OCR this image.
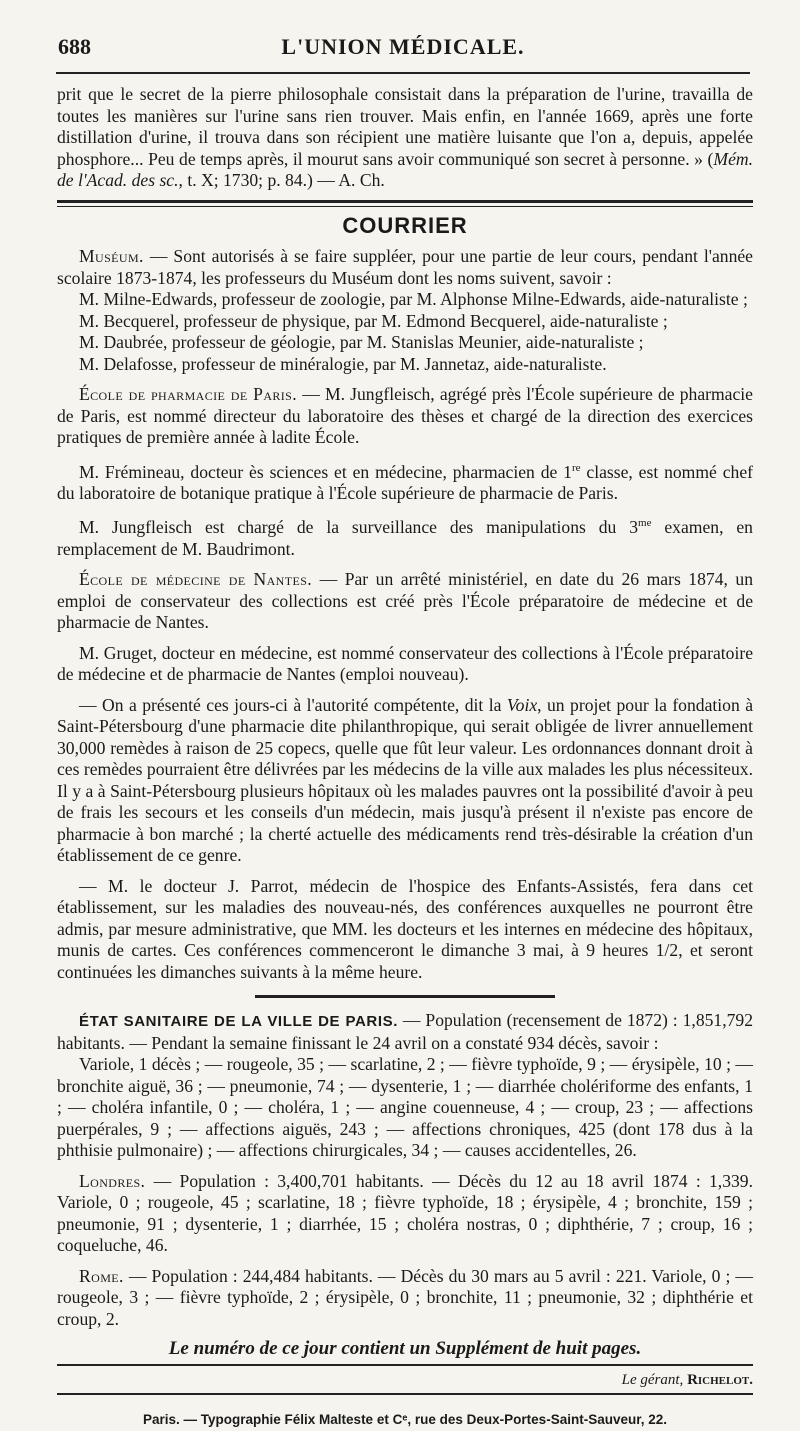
688	L'UNION MÉDICALE.

prit que le secret de la pierre philosophale consistait dans la préparation de l'urine, travailla de toutes les manières sur l'urine sans rien trouver. Mais enfin, en l'année 1669, après une forte distillation d'urine, il trouva dans son récipient une matière luisante que l'on a, depuis, appelée phosphore... Peu de temps après, il mourut sans avoir communiqué son secret à personne. » (Mém. de l'Acad. des sc., t. X; 1730; p. 84.) — A. Ch.

COURRIER

Muséum. — Sont autorisés à se faire suppléer, pour une partie de leur cours, pendant l'année scolaire 1873-1874, les professeurs du Muséum dont les noms suivent, savoir :

M. Milne-Edwards, professeur de zoologie, par M. Alphonse Milne-Edwards, aide-naturaliste ;

M. Becquerel, professeur de physique, par M. Edmond Becquerel, aide-naturaliste ;

M. Daubrée, professeur de géologie, par M. Stanislas Meunier, aide-naturaliste ;

M. Delafosse, professeur de minéralogie, par M. Jannetaz, aide-naturaliste.

École de pharmacie de Paris. — M. Jungfleisch, agrégé près l'École supérieure de pharmacie de Paris, est nommé directeur du laboratoire des thèses et chargé de la direction des exercices pratiques de première année à ladite École.

M. Frémineau, docteur ès sciences et en médecine, pharmacien de 1re classe, est nommé chef du laboratoire de botanique pratique à l'École supérieure de pharmacie de Paris.

M. Jungfleisch est chargé de la surveillance des manipulations du $3^{me}$ examen, en remplacement de M. Baudrimont.

École de médecine de Nantes. — Par un arrêté ministériel, en date du 26 mars 1874, un emploi de conservateur des collections est créé près l'École préparatoire de médecine et de pharmacie de Nantes.

M. Gruget, docteur en médecine, est nommé conservateur des collections à l'École préparatoire de médecine et de pharmacie de Nantes (emploi nouveau).

— On a présenté ces jours-ci à l'autorité compétente, dit la Voix, un projet pour la fondation à Saint-Pétersbourg d'une pharmacie dite philanthropique, qui serait obligée de livrer annuellement 30,000 remèdes à raison de 25 copecs, quelle que fût leur valeur. Les ordonnances donnant droit à ces remèdes pourraient être délivrées par les médecins de la ville aux malades les plus nécessiteux. Il y a à Saint-Pétersbourg plusieurs hôpitaux où les malades pauvres ont la possibilité d'avoir à peu de frais les secours et les conseils d'un médecin, mais jusqu'à présent il n'existe pas encore de pharmacie à bon marché ; la cherté actuelle des médicaments rend très-désirable la création d'un établissement de ce genre.

— M. le docteur J. Parrot, médecin de l'hospice des Enfants-Assistés, fera dans cet établissement, sur les maladies des nouveau-nés, des conférences auxquelles ne pourront être admis, par mesure administrative, que MM. les docteurs et les internes en médecine des hôpitaux, munis de cartes. Ces conférences commenceront le dimanche 3 mai, à 9 heures 1/2, et seront continuées les dimanches suivants à la même heure.

ÉTAT SANITAIRE DE LA VILLE DE PARIS. — Population (recensement de 1872) : 1,851,792 habitants. — Pendant la semaine finissant le 24 avril on a constaté 934 décès, savoir :

Variole, 1 décès ; — rougeole, 35 ; — scarlatine, 2 ; — fièvre typhoïde, 9 ; — érysipèle, 10 ; — bronchite aiguë, 36 ; — pneumonie, 74 ; — dysenterie, 1 ; — diarrhée cholériforme des enfants, 1 ; — choléra infantile, 0 ; — choléra, 1 ; — angine couenneuse, 4 ; — croup, 23 ; — affections puerpérales, 9 ; — affections aiguës, 243 ; — affections chroniques, 425 (dont 178 dus à la phthisie pulmonaire) ; — affections chirurgicales, 34 ; — causes accidentelles, 26.

Londres. — Population : 3,400,701 habitants. — Décès du 12 au 18 avril 1874 : 1,339. Variole, 0 ; rougeole, 45 ; scarlatine, 18 ; fièvre typhoïde, 18 ; érysipèle, 4 ; bronchite, 159 ; pneumonie, 91 ; dysenterie, 1 ; diarrhée, 15 ; choléra nostras, 0 ; diphthérie, 7 ; croup, 16 ; coqueluche, 46.

Rome. — Population : 244,484 habitants. — Décès du 30 mars au 5 avril : 221. Variole, 0 ; — rougeole, 3 ; — fièvre typhoïde, 2 ; érysipèle, 0 ; bronchite, 11 ; pneumonie, 32 ; diphthérie et croup, 2.

Le numéro de ce jour contient un Supplément de huit pages.
Le gérant, Richelot.
Paris. — Typographie Félix Malteste et Cᵉ, rue des Deux-Portes-Saint-Sauveur, 22.
